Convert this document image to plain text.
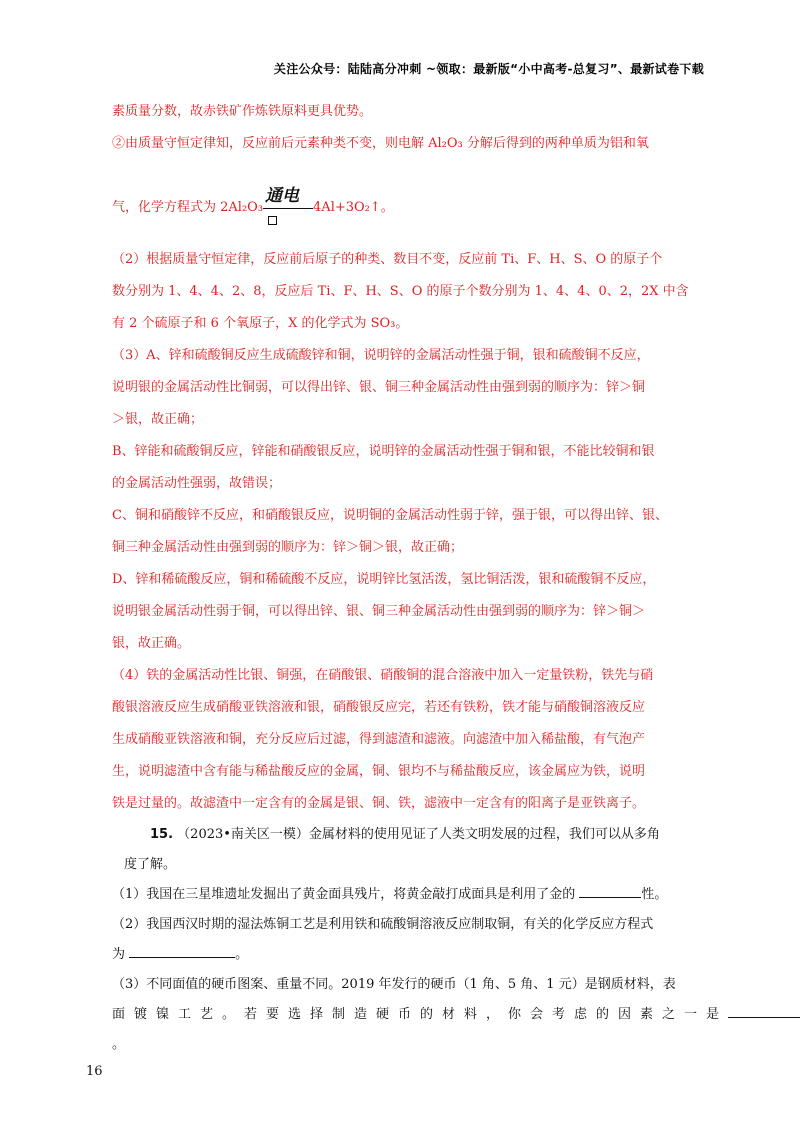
关注公众号：陆陆高分冲刺 ~领取：最新版“小中高考-总复习”、最新试卷下载

素质量分数，故赤铁矿作炼铁原料更具优势。

②由质量守恒定律知，反应前后元素种类不变，则电解 Al₂O₃ 分解后得到的两种单质为铝和氧

气，化学方程式为 2Al₂O₃
通电
4Al+3O₂↑。

（2）根据质量守恒定律，反应前后原子的种类、数目不变，反应前 Ti、F、H、S、O 的原子个

数分别为 1、4、4、2、8，反应后 Ti、F、H、S、O 的原子个数分别为 1、4、4、0、2，2X 中含

有 2 个硫原子和 6 个氧原子，X 的化学式为 SO₃。

（3）A、锌和硫酸铜反应生成硫酸锌和铜，说明锌的金属活动性强于铜，银和硫酸铜不反应，

说明银的金属活动性比铜弱，可以得出锌、银、铜三种金属活动性由强到弱的顺序为：锌＞铜

＞银，故正确；

B、锌能和硫酸铜反应，锌能和硝酸银反应，说明锌的金属活动性强于铜和银，不能比较铜和银

的金属活动性强弱，故错误；

C、铜和硝酸锌不反应，和硝酸银反应，说明铜的金属活动性弱于锌，强于银，可以得出锌、银、

铜三种金属活动性由强到弱的顺序为：锌＞铜＞银，故正确；

D、锌和稀硫酸反应，铜和稀硫酸不反应，说明锌比氢活泼，氢比铜活泼，银和硫酸铜不反应，

说明银金属活动性弱于铜，可以得出锌、银、铜三种金属活动性由强到弱的顺序为：锌＞铜＞

银，故正确。

（4）铁的金属活动性比银、铜强，在硝酸银、硝酸铜的混合溶液中加入一定量铁粉，铁先与硝

酸银溶液反应生成硝酸亚铁溶液和银，硝酸银反应完，若还有铁粉，铁才能与硝酸铜溶液反应

生成硝酸亚铁溶液和铜，充分反应后过滤，得到滤渣和滤液。向滤渣中加入稀盐酸，有气泡产

生，说明滤渣中含有能与稀盐酸反应的金属，铜、银均不与稀盐酸反应，该金属应为铁，说明

铁是过量的。故滤渣中一定含有的金属是银、铜、铁，滤液中一定含有的阳离子是亚铁离子。

15. （2023•南关区一模）金属材料的使用见证了人类文明发展的过程，我们可以从多角

度了解。

（1）我国在三星堆遗址发掘出了黄金面具残片，将黄金敲打成面具是利用了金的	性。

（2）我国西汉时期的湿法炼铜工艺是利用铁和硫酸铜溶液反应制取铜，有关的化学反应方程式

为	。

（3）不同面值的硬币图案、重量不同。2019 年发行的硬币（1 角、5 角、1 元）是钢质材料，表

面镀镍工艺。若要选择制造硬币的材料，你会考虑的因素之一是

。

16
